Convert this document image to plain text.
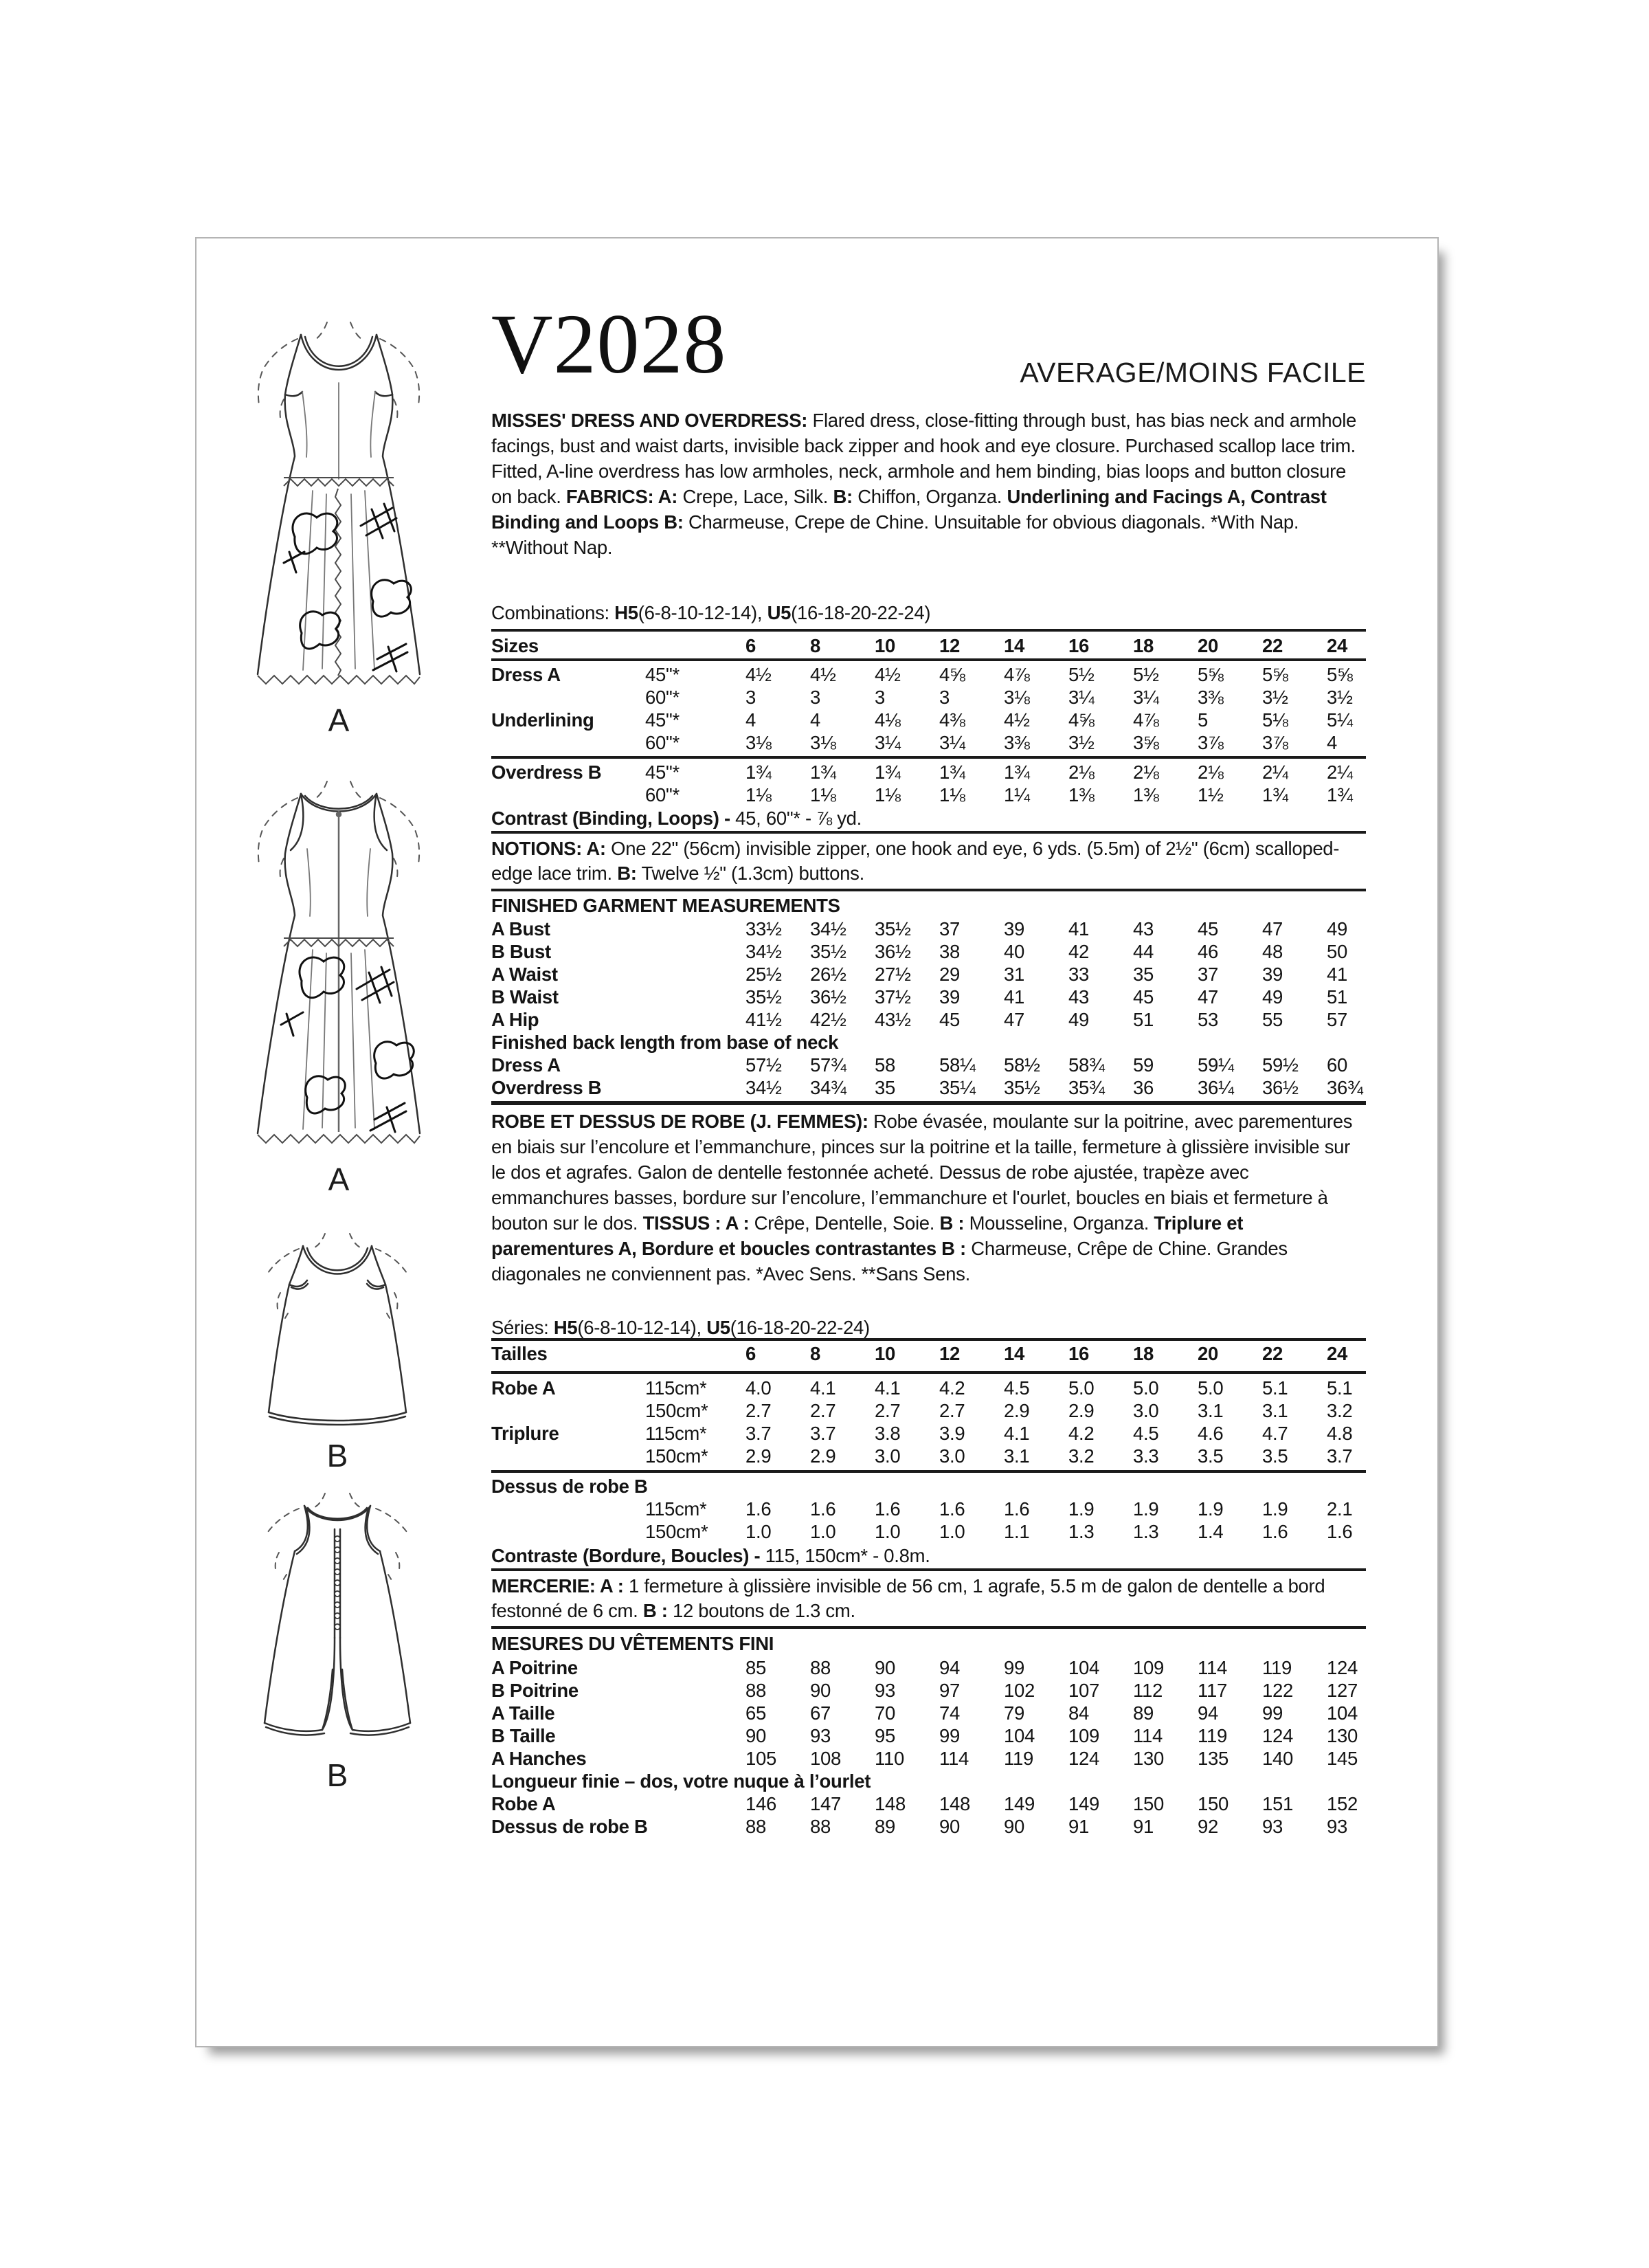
A
A
B
B
V2028	AVERAGE/MOINS FACILE
MISSES' DRESS AND OVERDRESS: Flared dress, close-fitting through bust, has bias neck and armhole facings, bust and waist darts, invisible back zipper and hook and eye closure. Purchased scallop lace trim. Fitted, A-line overdress has low armholes, neck, armhole and hem binding, bias loops and button closure on back. FABRICS: A: Crepe, Lace, Silk. B: Chiffon, Organza. Underlining and Facings A, Contrast Binding and Loops B: Charmeuse, Crepe de Chine. Unsuitable for obvious diagonals. *With Nap. **Without Nap.
Combinations: H5(6-8-10-12-14), U5(16-18-20-22-24)
Sizes	6	8	10	12	14	16	18	20	22	24
Dress A	45"*	4½	4½	4½	4⅝	4⅞	5½	5½	5⅝	5⅝	5⅝
60"*	3	3	3	3	3⅛	3¼	3¼	3⅜	3½	3½
Underlining	45"*	4	4	4⅛	4⅜	4½	4⅝	4⅞	5	5⅛	5¼
60"*	3⅛	3⅛	3¼	3¼	3⅜	3½	3⅝	3⅞	3⅞	4
Overdress B	45"*	1¾	1¾	1¾	1¾	1¾	2⅛	2⅛	2⅛	2¼	2¼
60"*	1⅛	1⅛	1⅛	1⅛	1¼	1⅜	1⅜	1½	1¾	1¾
Contrast (Binding, Loops) - 45, 60"* - ⅞ yd.
NOTIONS: A: One 22" (56cm) invisible zipper, one hook and eye, 6 yds. (5.5m) of 2½" (6cm) scalloped-edge lace trim. B: Twelve ½" (1.3cm) buttons.
FINISHED GARMENT MEASUREMENTS
A Bust	33½	34½	35½	37	39	41	43	45	47	49
B Bust	34½	35½	36½	38	40	42	44	46	48	50
A Waist	25½	26½	27½	29	31	33	35	37	39	41
B Waist	35½	36½	37½	39	41	43	45	47	49	51
A Hip	41½	42½	43½	45	47	49	51	53	55	57
Finished back length from base of neck
Dress A	57½	57¾	58	58¼	58½	58¾	59	59¼	59½	60
Overdress B	34½	34¾	35	35¼	35½	35¾	36	36¼	36½	36¾
ROBE ET DESSUS DE ROBE (J. FEMMES): Robe évasée, moulante sur la poitrine, avec parementures en biais sur l’encolure et l’emmanchure, pinces sur la poitrine et la taille, fermeture à glissière invisible sur le dos et agrafes. Galon de dentelle festonnée acheté. Dessus de robe ajustée, trapèze avec emmanchures basses, bordure sur l’encolure, l’emmanchure et l'ourlet, boucles en biais et fermeture à bouton sur le dos. TISSUS : A : Crêpe, Dentelle, Soie. B : Mousseline, Organza. Triplure et parementures A, Bordure et boucles contrastantes B : Charmeuse, Crêpe de Chine. Grandes diagonales ne conviennent pas. *Avec Sens. **Sans Sens.
Séries: H5(6-8-10-12-14), U5(16-18-20-22-24)
Tailles	6	8	10	12	14	16	18	20	22	24
Robe A	115cm*	4.0	4.1	4.1	4.2	4.5	5.0	5.0	5.0	5.1	5.1
150cm*	2.7	2.7	2.7	2.7	2.9	2.9	3.0	3.1	3.1	3.2
Triplure	115cm*	3.7	3.7	3.8	3.9	4.1	4.2	4.5	4.6	4.7	4.8
150cm*	2.9	2.9	3.0	3.0	3.1	3.2	3.3	3.5	3.5	3.7
Dessus de robe B
115cm*	1.6	1.6	1.6	1.6	1.6	1.9	1.9	1.9	1.9	2.1
150cm*	1.0	1.0	1.0	1.0	1.1	1.3	1.3	1.4	1.6	1.6
Contraste (Bordure, Boucles) - 115, 150cm* - 0.8m.
MERCERIE: A : 1 fermeture à glissière invisible de 56 cm, 1 agrafe, 5.5 m de galon de dentelle a bord festonné de 6 cm. B : 12 boutons de 1.3 cm.
MESURES DU VÊTEMENTS FINI
A Poitrine	85	88	90	94	99	104	109	114	119	124
B Poitrine	88	90	93	97	102	107	112	117	122	127
A Taille	65	67	70	74	79	84	89	94	99	104
B Taille	90	93	95	99	104	109	114	119	124	130
A Hanches	105	108	110	114	119	124	130	135	140	145
Longueur finie – dos, votre nuque à l’ourlet
Robe A	146	147	148	148	149	149	150	150	151	152
Dessus de robe B	88	88	89	90	90	91	91	92	93	93
